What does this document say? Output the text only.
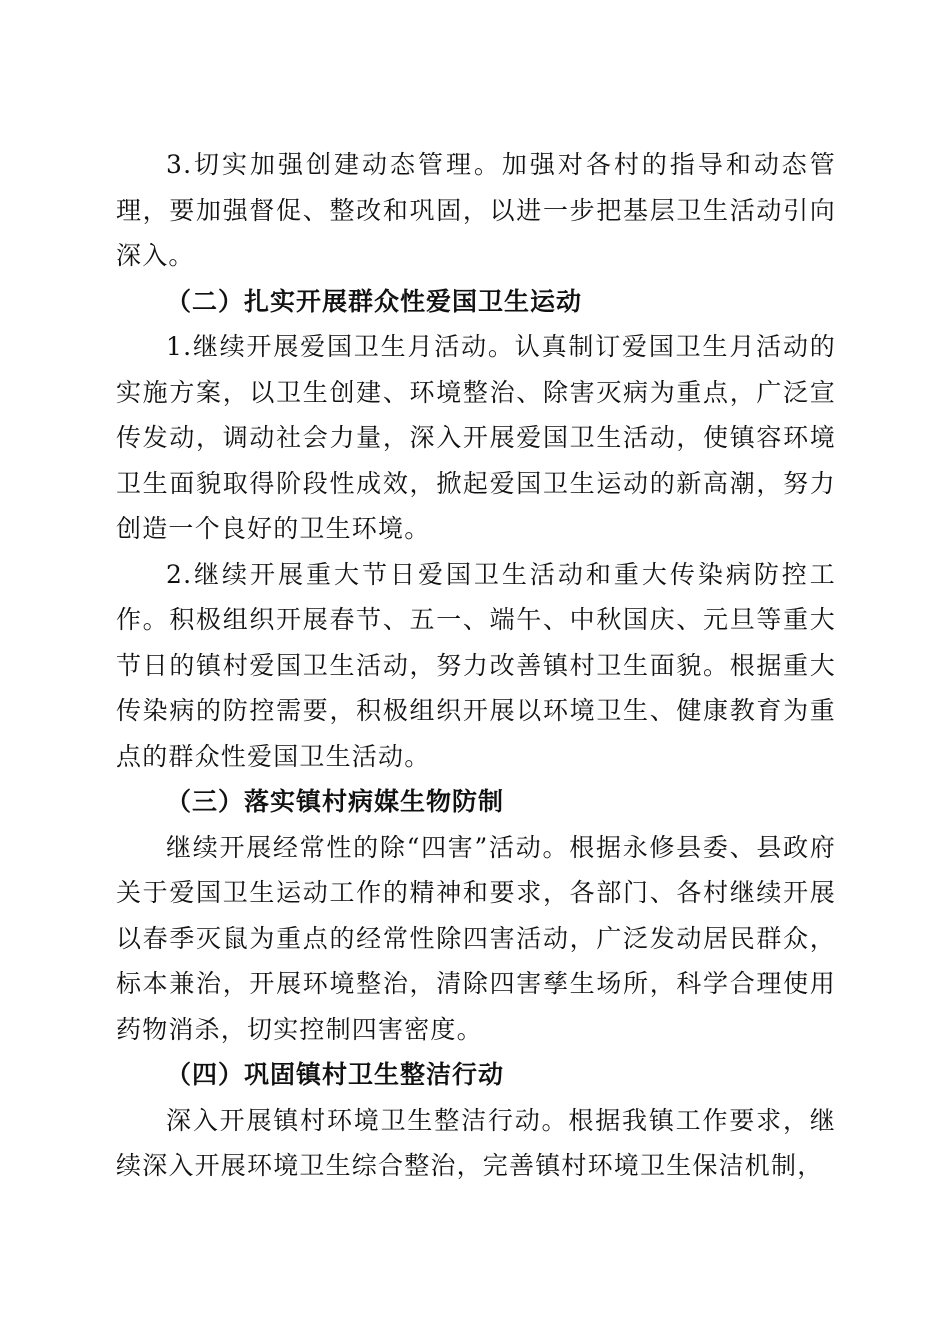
3.切实加强创建动态管理。加强对各村的指导和动态管理，要加强督促、整改和巩固，以进一步把基层卫生活动引向深入。

（二）扎实开展群众性爱国卫生运动

1.继续开展爱国卫生月活动。认真制订爱国卫生月活动的实施方案，以卫生创建、环境整治、除害灭病为重点，广泛宣传发动，调动社会力量，深入开展爱国卫生活动，使镇容环境卫生面貌取得阶段性成效，掀起爱国卫生运动的新高潮，努力创造一个良好的卫生环境。

2.继续开展重大节日爱国卫生活动和重大传染病防控工作。积极组织开展春节、五一、端午、中秋国庆、元旦等重大节日的镇村爱国卫生活动，努力改善镇村卫生面貌。根据重大传染病的防控需要，积极组织开展以环境卫生、健康教育为重点的群众性爱国卫生活动。

（三）落实镇村病媒生物防制

继续开展经常性的除“四害”活动。根据永修县委、县政府关于爱国卫生运动工作的精神和要求，各部门、各村继续开展以春季灭鼠为重点的经常性除四害活动，广泛发动居民群众，标本兼治，开展环境整治，清除四害孳生场所，科学合理使用药物消杀，切实控制四害密度。

（四）巩固镇村卫生整洁行动

深入开展镇村环境卫生整洁行动。根据我镇工作要求，继续深入开展环境卫生综合整治，完善镇村环境卫生保洁机制，
